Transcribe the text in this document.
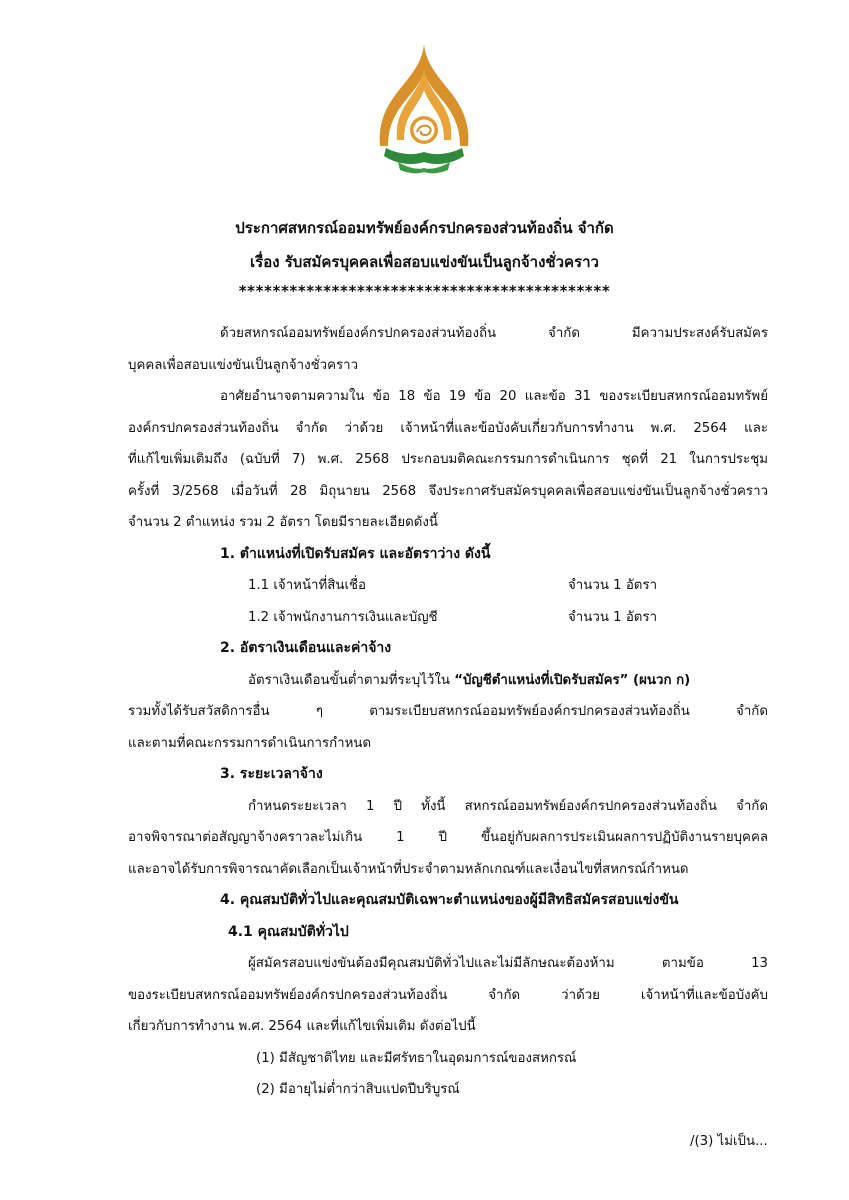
ประกาศสหกรณ์ออมทรัพย์องค์กรปกครองส่วนท้องถิ่น จำกัด
เรื่อง รับสมัครบุคคลเพื่อสอบแข่งขันเป็นลูกจ้างชั่วคราว
********************************************
ด้วยสหกรณ์ออมทรัพย์องค์กรปกครองส่วนท้องถิ่น จำกัด มีความประสงค์รับสมัคร
บุคคลเพื่อสอบแข่งขันเป็นลูกจ้างชั่วคราว
อาศัยอำนาจตามความใน ข้อ 18 ข้อ 19 ข้อ 20 และข้อ 31 ของระเบียบสหกรณ์ออมทรัพย์
องค์กรปกครองส่วนท้องถิ่น จำกัด ว่าด้วย เจ้าหน้าที่และข้อบังคับเกี่ยวกับการทำงาน พ.ศ. 2564 และ
ที่แก้ไขเพิ่มเติมถึง (ฉบับที่ 7) พ.ศ. 2568 ประกอบมติคณะกรรมการดำเนินการ ชุดที่ 21 ในการประชุม
ครั้งที่ 3/2568 เมื่อวันที่ 28 มิถุนายน 2568 จึงประกาศรับสมัครบุคคลเพื่อสอบแข่งขันเป็นลูกจ้างชั่วคราว
จำนวน 2 ตำแหน่ง รวม 2 อัตรา โดยมีรายละเอียดดังนี้
1. ตำแหน่งที่เปิดรับสมัคร และอัตราว่าง ดังนี้
1.1 เจ้าหน้าที่สินเชื่อ	จำนวน 1 อัตรา
1.2 เจ้าพนักงานการเงินและบัญชี	จำนวน 1 อัตรา
2. อัตราเงินเดือนและค่าจ้าง
อัตราเงินเดือนขั้นต่ำตามที่ระบุไว้ใน “บัญชีตำแหน่งที่เปิดรับสมัคร” (ผนวก ก)
รวมทั้งได้รับสวัสดิการอื่น ๆ ตามระเบียบสหกรณ์ออมทรัพย์องค์กรปกครองส่วนท้องถิ่น จำกัด
และตามที่คณะกรรมการดำเนินการกำหนด
3. ระยะเวลาจ้าง
กำหนดระยะเวลา 1 ปี ทั้งนี้ สหกรณ์ออมทรัพย์องค์กรปกครองส่วนท้องถิ่น จำกัด
อาจพิจารณาต่อสัญญาจ้างคราวละไม่เกิน 1 ปี ขึ้นอยู่กับผลการประเมินผลการปฏิบัติงานรายบุคคล
และอาจได้รับการพิจารณาคัดเลือกเป็นเจ้าหน้าที่ประจำตามหลักเกณฑ์และเงื่อนไขที่สหกรณ์กำหนด
4. คุณสมบัติทั่วไปและคุณสมบัติเฉพาะตำแหน่งของผู้มีสิทธิสมัครสอบแข่งขัน
4.1 คุณสมบัติทั่วไป
ผู้สมัครสอบแข่งขันต้องมีคุณสมบัติทั่วไปและไม่มีลักษณะต้องห้าม ตามข้อ 13
ของระเบียบสหกรณ์ออมทรัพย์องค์กรปกครองส่วนท้องถิ่น จำกัด ว่าด้วย เจ้าหน้าที่และข้อบังคับ
เกี่ยวกับการทำงาน พ.ศ. 2564 และที่แก้ไขเพิ่มเติม ดังต่อไปนี้
(1) มีสัญชาติไทย และมีศรัทธาในอุดมการณ์ของสหกรณ์
(2) มีอายุไม่ต่ำกว่าสิบแปดปีบริบูรณ์
/(3) ไม่เป็น...
